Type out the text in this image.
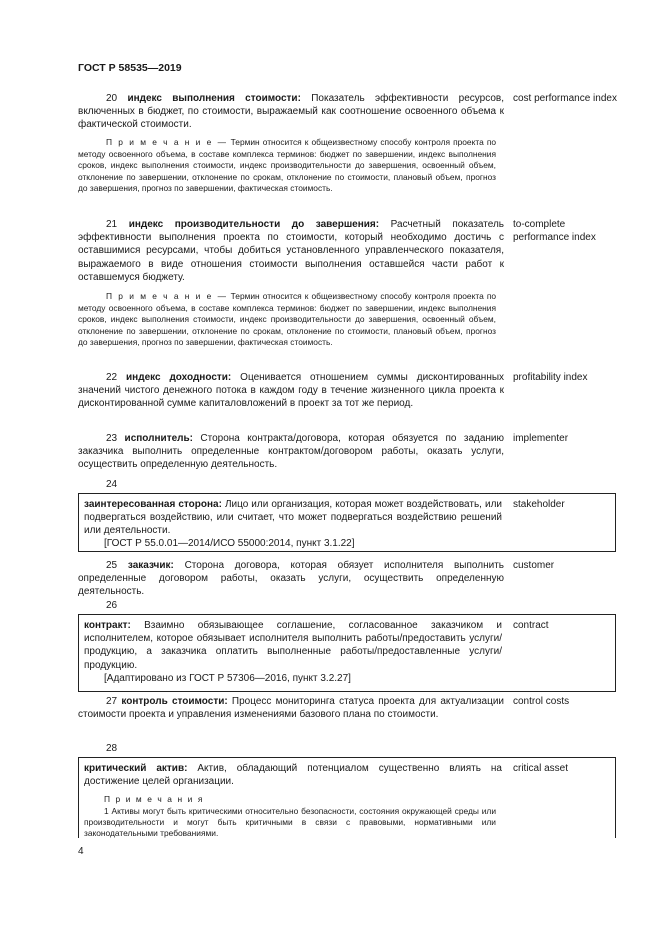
ГОСТ Р 58535—2019
20 индекс выполнения стоимости: Показатель эффективности ресурсов, включенных в бюджет, по стоимости, выражаемый как соотношение освоенного объема к фактической стоимости.
cost performance index
П р и м е ч а н и е — Термин относится к общеизвестному способу контроля проекта по методу освоенного объема, в составе комплекса терминов: бюджет по завершении, индекс выполнения сроков, индекс выполнения стоимости, индекс производительности до завершения, освоенный объем, отклонение по завершении, отклонение по срокам, отклонение по стоимости, плановый объем, прогноз до завершения, прогноз по завершении, фактическая стоимость.
21 индекс производительности до завершения: Расчетный показатель эффективности выполнения проекта по стоимости, который необходимо достичь с оставшимися ресурсами, чтобы добиться установленного управленческого показателя, выражаемого в виде отношения стоимости выполнения оставшейся части работ к оставшемуся бюджету.
to-complete performance index
П р и м е ч а н и е — Термин относится к общеизвестному способу контроля проекта по методу освоенного объема, в составе комплекса терминов: бюджет по завершении, индекс выполнения сроков, индекс выполнения стоимости, индекс производительности до завершения, освоенный объем, отклонение по завершении, отклонение по срокам, отклонение по стоимости, плановый объем, прогноз до завершения, прогноз по завершении, фактическая стоимость.
22 индекс доходности: Оценивается отношением суммы дисконтированных значений чистого денежного потока в каждом году в течение жизненного цикла проекта к дисконтированной сумме капиталовложений в проект за тот же период.
profitability index
23 исполнитель: Сторона контракта/договора, которая обязуется по заданию заказчика выполнить определенные контрактом/договором работы, оказать услуги, осуществить определенную деятельность.
implementer
24
заинтересованная сторона: Лицо или организация, которая может воздействовать, или подвергаться воздействию, или считает, что может подвергаться воздействию решений или деятельности.
[ГОСТ Р 55.0.01—2014/ИСО 55000:2014, пункт 3.1.22]
stakeholder
25 заказчик: Сторона договора, которая обязует исполнителя выполнить определенные договором работы, оказать услуги, осуществить определенную деятельность.
customer
26
контракт: Взаимно обязывающее соглашение, согласованное заказчиком и исполнителем, которое обязывает исполнителя выполнить работы/предоставить услуги/продукцию, а заказчика оплатить выполненные работы/предоставленные услуги/продукцию.
[Адаптировано из ГОСТ Р 57306—2016, пункт 3.2.27]
contract
27 контроль стоимости: Процесс мониторинга статуса проекта для актуализации стоимости проекта и управления изменениями базового плана по стоимости.
control costs
28
критический актив: Актив, обладающий потенциалом существенно влиять на достижение целей организации.
critical asset
П р и м е ч а н и я
1 Активы могут быть критическими относительно безопасности, состояния окружающей среды или производительности и могут быть критичными в связи с правовыми, нормативными или законодательными требованиями.
4
